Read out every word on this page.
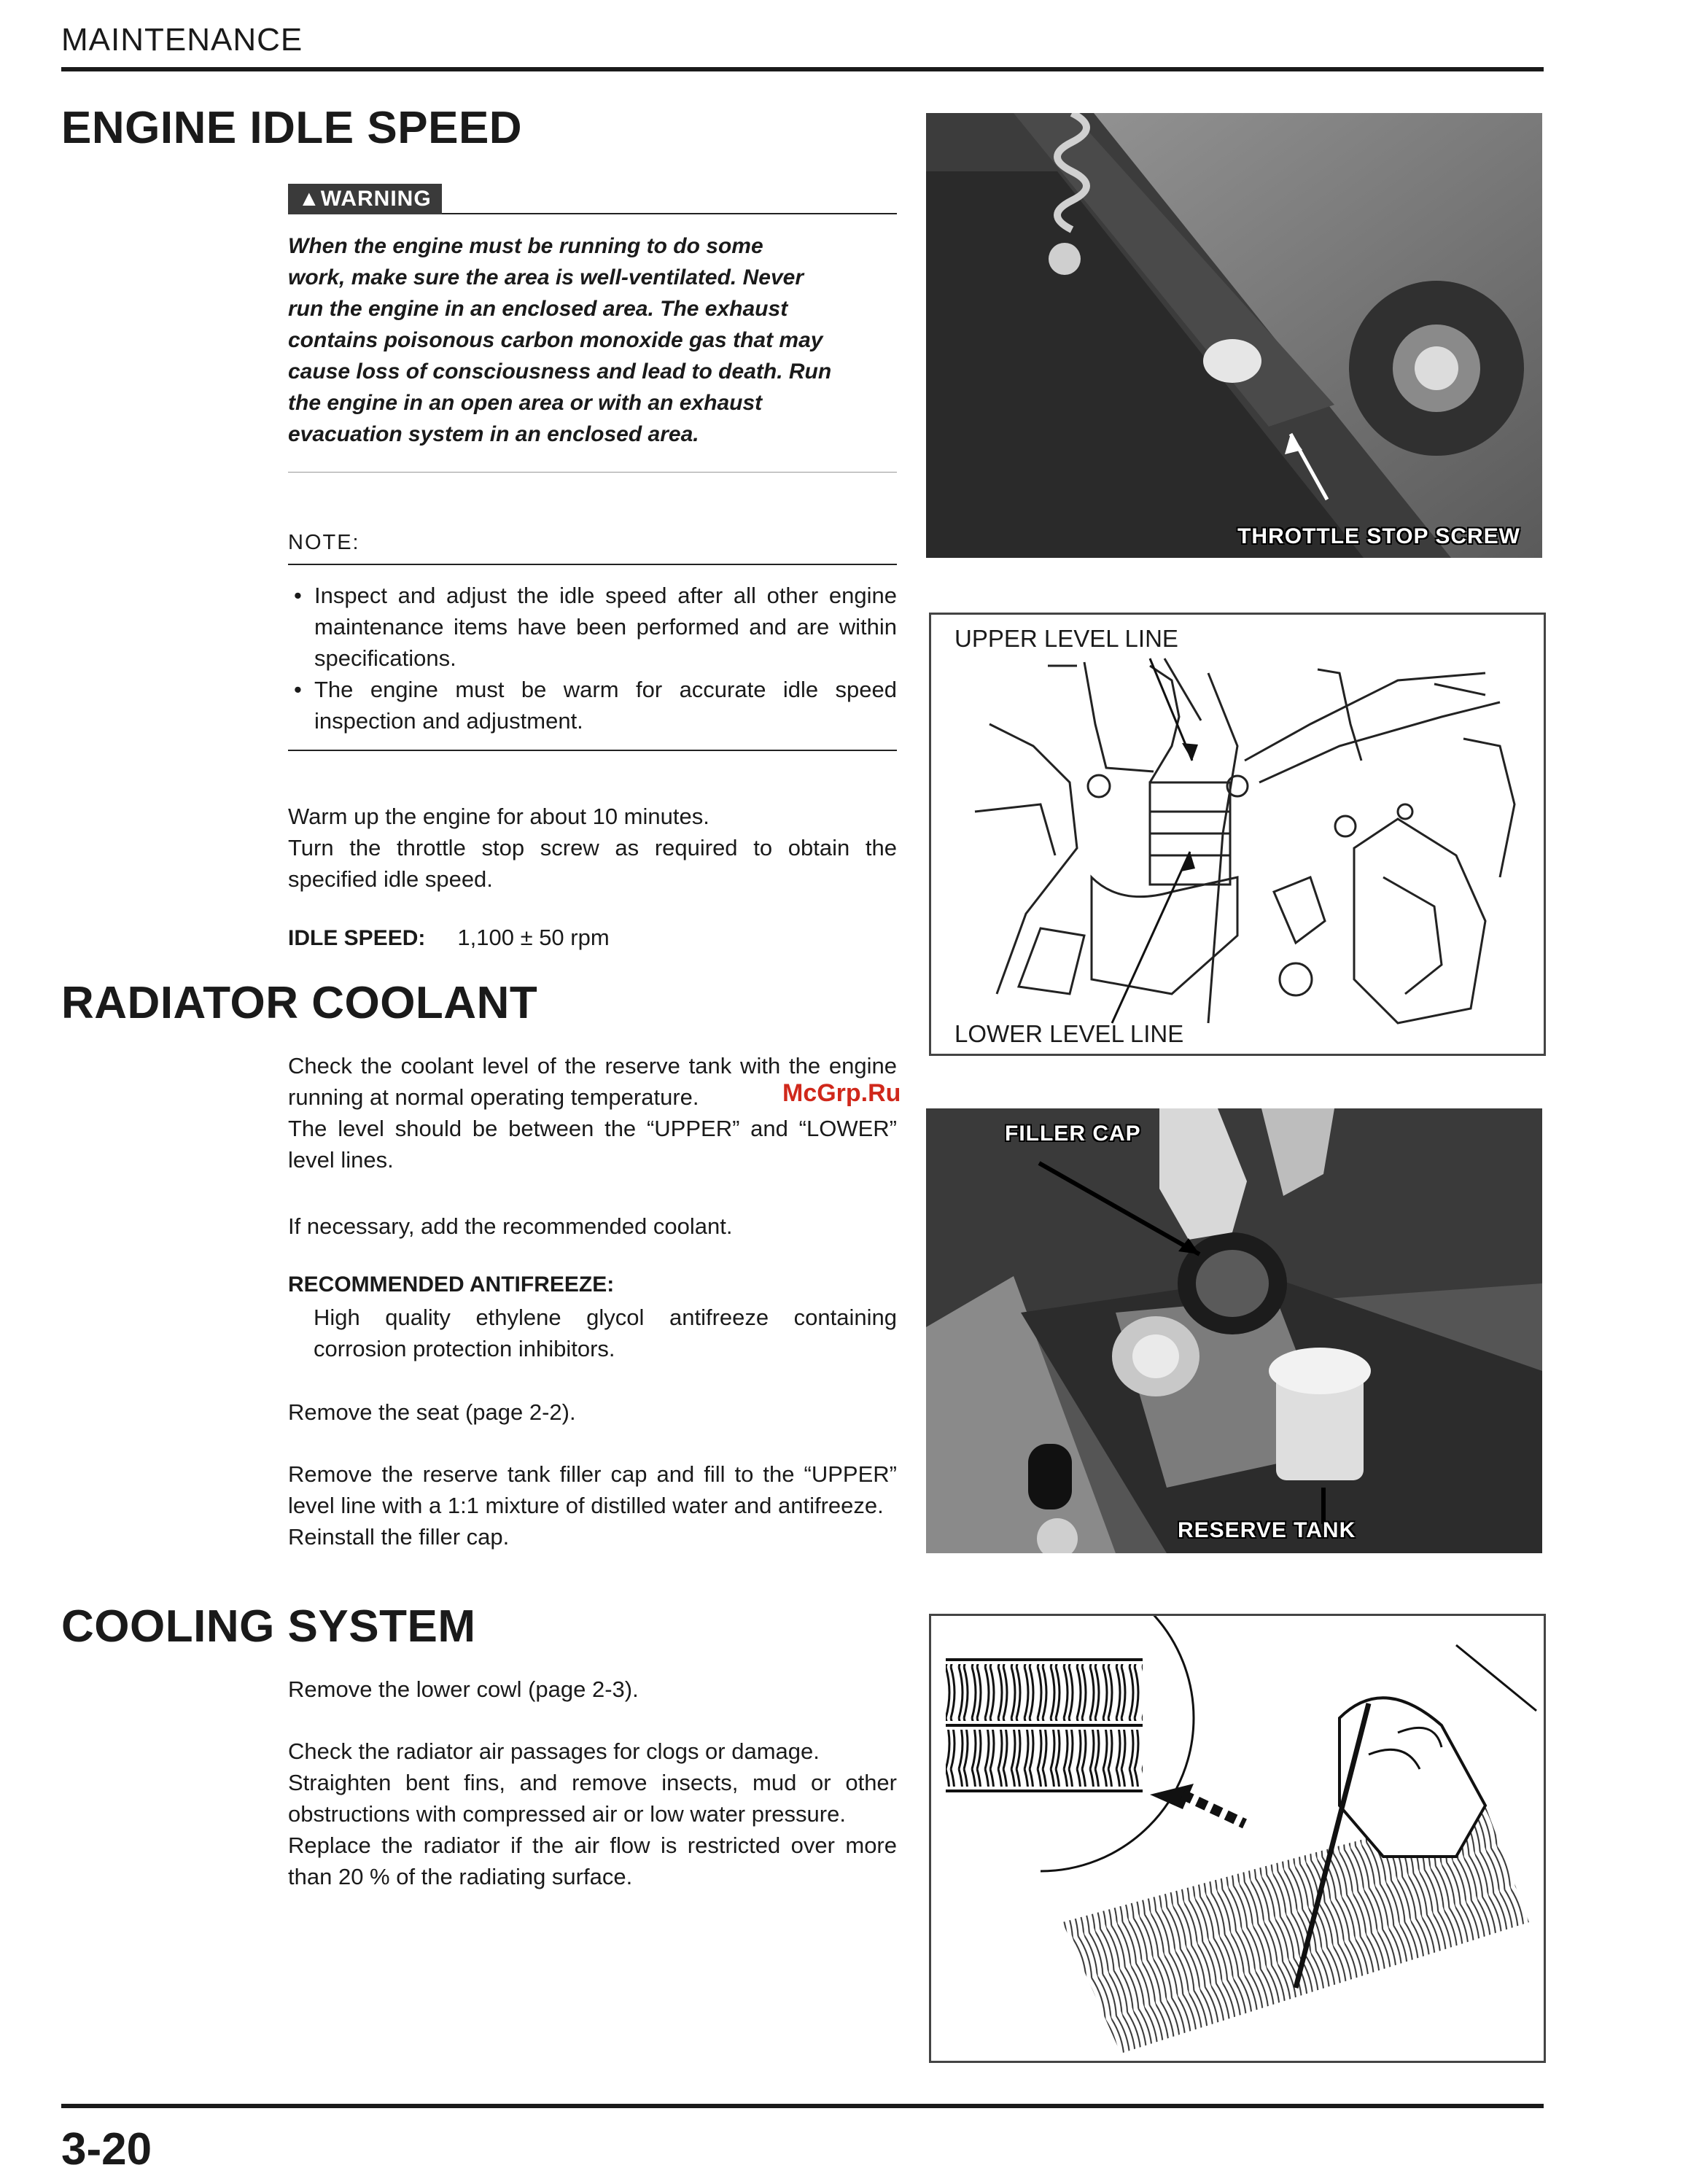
MAINTENANCE
ENGINE IDLE SPEED
▲WARNING
When the engine must be running to do some
work, make sure the area is well-ventilated. Never
run the engine in an enclosed area. The exhaust
contains poisonous carbon monoxide gas that may
cause loss of consciousness and lead to death. Run
the engine in an open area or with an exhaust
evacuation system in an enclosed area.
NOTE:
• Inspect and adjust the idle speed after all other engine maintenance items have been performed and are within specifications.
• The engine must be warm for accurate idle speed inspection and adjustment.

Warm up the engine for about 10 minutes.

Turn the throttle stop screw as required to obtain the specified idle speed.

IDLE SPEED: 1,100 ± 50 rpm
THROTTLE STOP SCREW
RADIATOR COOLANT

Check the coolant level of the reserve tank with the engine running at normal operating temperature.

The level should be between the “UPPER” and “LOWER” level lines.

If necessary, add the recommended coolant.

RECOMMENDED ANTIFREEZE:

High quality ethylene glycol antifreeze containing corrosion protection inhibitors.

Remove the seat (page 2-2).

Remove the reserve tank filler cap and fill to the “UPPER” level line with a 1:1 mixture of distilled water and antifreeze.

Reinstall the filler cap.

UPPER LEVEL LINE
LOWER LEVEL LINE
FILLER CAP
RESERVE TANK
McGrp.Ru
COOLING SYSTEM

Remove the lower cowl (page 2-3).

Check the radiator air passages for clogs or damage.

Straighten bent fins, and remove insects, mud or other obstructions with compressed air or low water pressure.

Replace the radiator if the air flow is restricted over more than 20 % of the radiating surface.

3-20
